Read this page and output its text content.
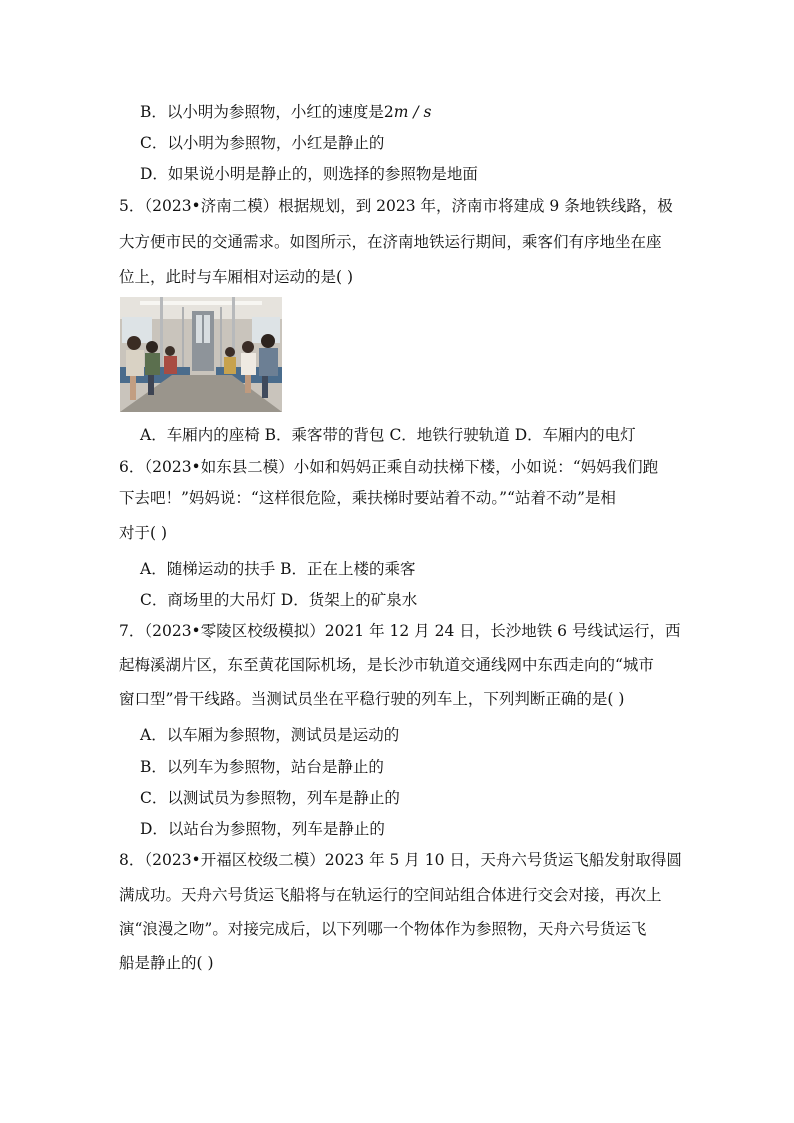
B．以小明为参照物，小红的速度是2m / s
C．以小明为参照物，小红是静止的
D．如果说小明是静止的，则选择的参照物是地面
5．（2023•济南二模）根据规划，到 2023 年，济南市将建成 9 条地铁线路，极
大方便市民的交通需求。如图所示，在济南地铁运行期间，乘客们有序地坐在座
位上，此时与车厢相对运动的是( )
A．车厢内的座椅 B．乘客带的背包 C．地铁行驶轨道 D．车厢内的电灯
6．（2023•如东县二模）小如和妈妈正乘自动扶梯下楼，小如说：“妈妈我们跑
下去吧！”妈妈说：“这样很危险，乘扶梯时要站着不动。”“站着不动”是相
对于( )
A．随梯运动的扶手 B．正在上楼的乘客
C．商场里的大吊灯 D．货架上的矿泉水
7．（2023•零陵区校级模拟）2021 年 12 月 24 日，长沙地铁 6 号线试运行，西
起梅溪湖片区，东至黄花国际机场，是长沙市轨道交通线网中东西走向的“城市
窗口型”骨干线路。当测试员坐在平稳行驶的列车上，下列判断正确的是( )
A．以车厢为参照物，测试员是运动的
B．以列车为参照物，站台是静止的
C．以测试员为参照物，列车是静止的
D．以站台为参照物，列车是静止的
8．（2023•开福区校级二模）2023 年 5 月 10 日，天舟六号货运飞船发射取得圆
满成功。天舟六号货运飞船将与在轨运行的空间站组合体进行交会对接，再次上
演“浪漫之吻”。对接完成后，以下列哪一个物体作为参照物，天舟六号货运飞
船是静止的( )
